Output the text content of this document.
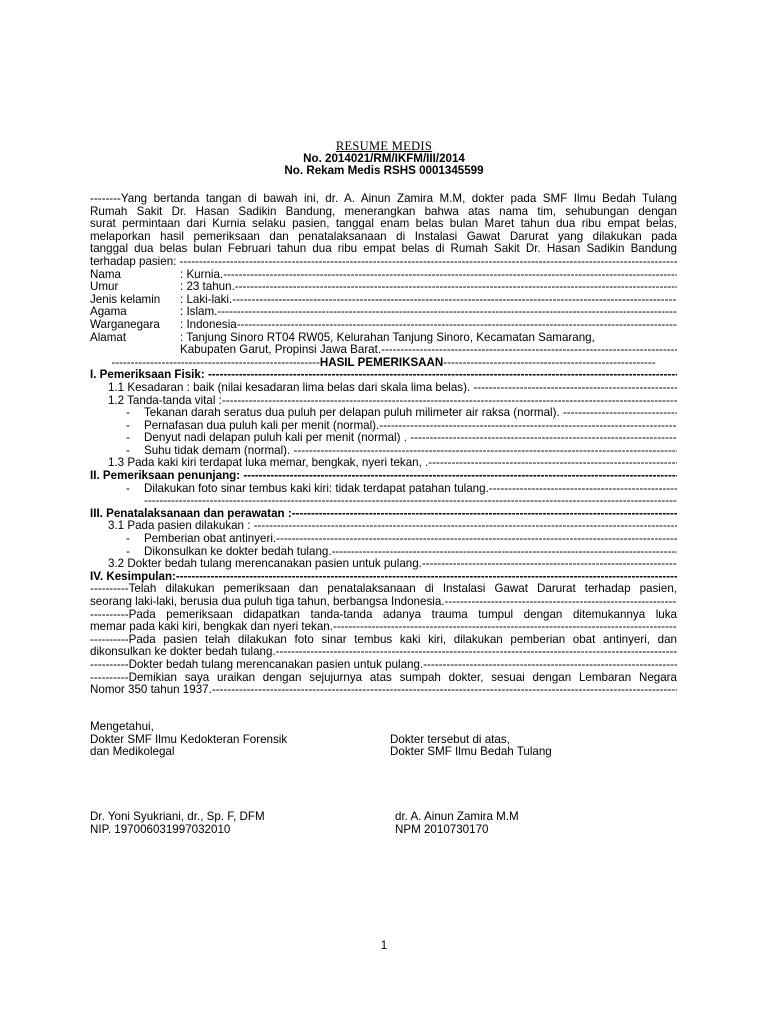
RESUME MEDIS
No. 2014021/RM/IKFM/III/2014
No. Rekam Medis RSHS 0001345599
--------Yang bertanda tangan di bawah ini, dr. A. Ainun Zamira M.M, dokter pada SMF Ilmu Bedah Tulang
Rumah Sakit Dr. Hasan Sadikin Bandung, menerangkan bahwa atas nama tim, sehubungan dengan
surat permintaan dari Kurnia selaku pasien, tanggal enam belas bulan Maret tahun dua ribu empat belas,
melaporkan hasil pemeriksaan dan penatalaksanaan di Instalasi Gawat Darurat yang dilakukan pada
tanggal dua belas bulan Februari tahun dua ribu empat belas di Rumah Sakit Dr. Hasan Sadikin Bandung
terhadap pasien: -----
Nama	: Kurnia. -----
Umur	: 23 tahun. -----
Jenis kelamin	: Laki-laki. -----
Agama	: Islam. -----
Warganegara	: Indonesia -----
Alamat	: Tanjung Sinoro RT04 RW05, Kelurahan Tanjung Sinoro, Kecamatan Samarang,
Kabupaten Garut, Propinsi Jawa Barat. -----
------------------------------------------------------HASIL PEMERIKSAAN-------------------------------------------------------
I. Pemeriksaan Fisik: -----
1.1 Kesadaran : baik (nilai kesadaran lima belas dari skala lima belas). -----
1.2 Tanda-tanda vital : -----
- Tekanan darah seratus dua puluh per delapan puluh milimeter air raksa (normal). -----
- Pernafasan dua puluh kali per menit (normal). -----
- Denyut nadi delapan puluh kali per menit (normal) . -----
- Suhu tidak demam (normal). -----
1.3 Pada kaki kiri terdapat luka memar, bengkak, nyeri tekan, . -----
II. Pemeriksaan penunjang: -----
- Dilakukan foto sinar tembus kaki kiri: tidak terdapat patahan tulang. -----
-----
III. Penatalaksanaan dan perawatan : -----
3.1 Pada pasien dilakukan : -----
- Pemberian obat antinyeri. -----
- Dikonsulkan ke dokter bedah tulang. -----
3.2 Dokter bedah tulang merencanakan pasien untuk pulang. -----
IV. Kesimpulan: -----
----------Telah dilakukan pemeriksaan dan penatalaksanaan di Instalasi Gawat Darurat terhadap pasien,
seorang laki-laki, berusia dua puluh tiga tahun, berbangsa Indonesia. -----
----------Pada pemeriksaan didapatkan tanda-tanda adanya trauma tumpul dengan ditemukannya luka
memar pada kaki kiri, bengkak dan nyeri tekan. -----
----------Pada pasien telah dilakukan foto sinar tembus kaki kiri, dilakukan pemberian obat antinyeri, dan
dikonsulkan ke dokter bedah tulang. -----
----------Dokter bedah tulang merencanakan pasien untuk pulang. -----
----------Demikian saya uraikan dengan sejujurnya atas sumpah dokter, sesuai dengan Lembaran Negara
Nomor 350 tahun 1937. -----
Mengetahui,
Dokter SMF Ilmu Kedokteran Forensik	Dokter tersebut di atas,
dan Medikolegal	Dokter SMF Ilmu Bedah Tulang
Dr. Yoni Syukriani, dr., Sp. F, DFM	dr. A. Ainun Zamira M.M
NIP. 197006031997032010	NPM 2010730170
1
